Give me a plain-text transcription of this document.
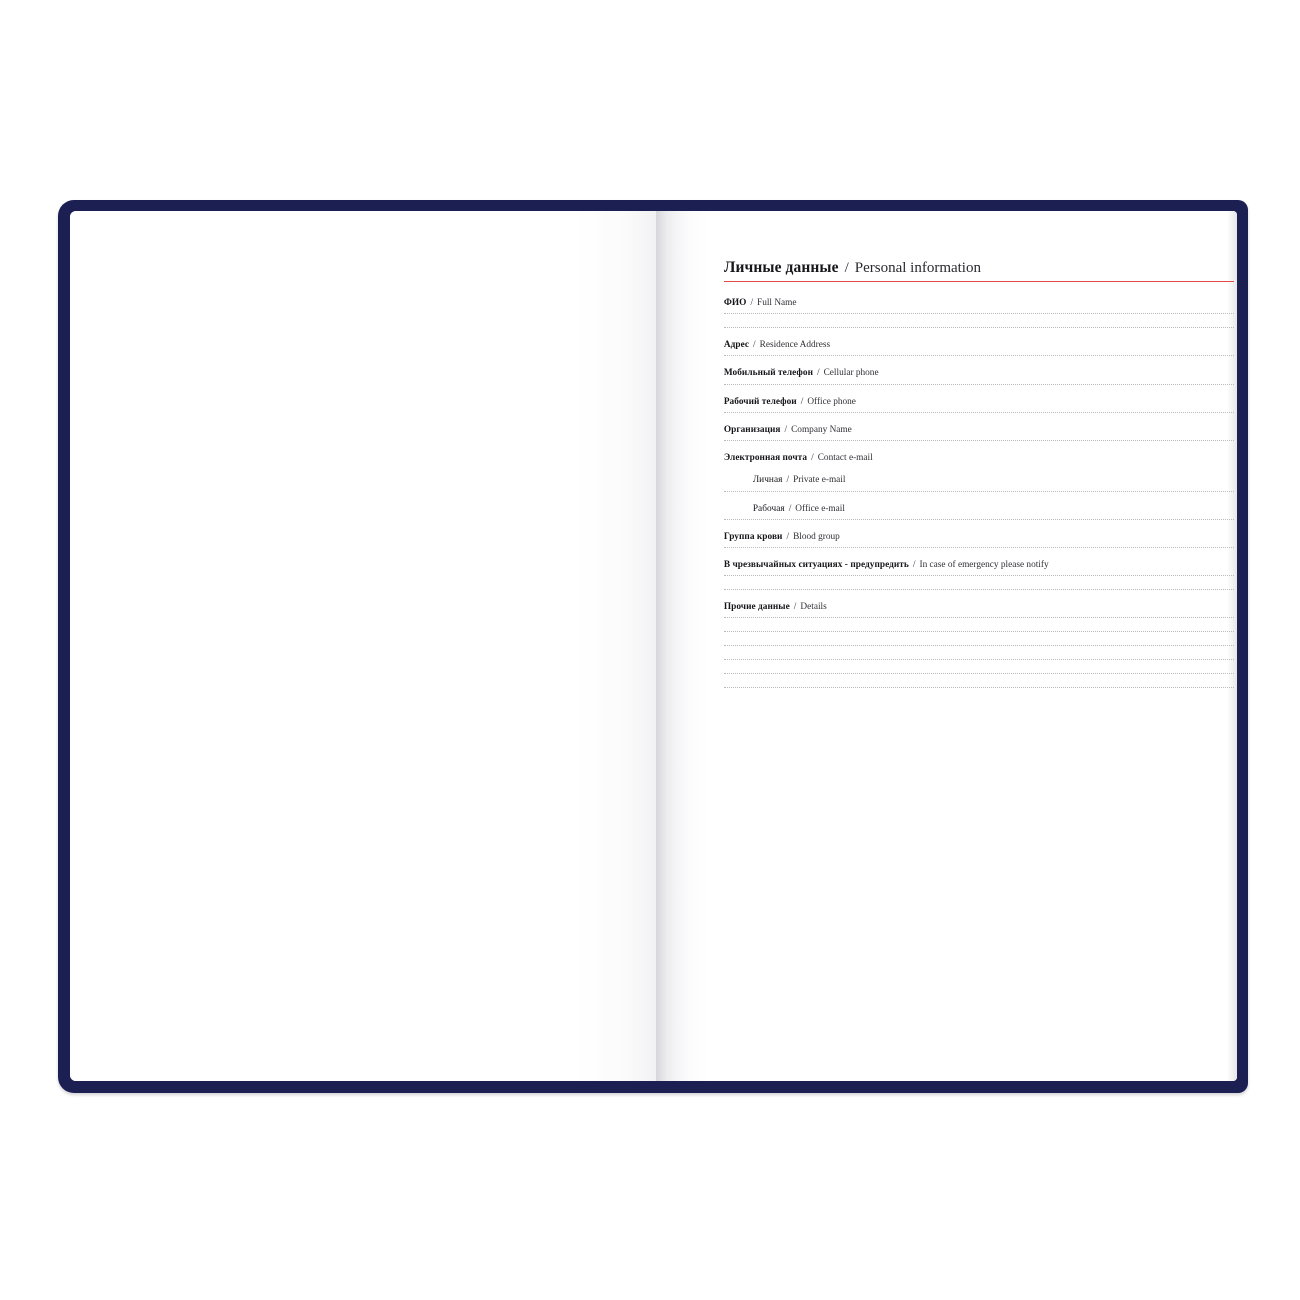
Личные данные / Personal information
ФИО / Full Name
Адрес / Residence Address
Мобильный телефон / Cellular phone
Рабочий телефои / Office phone
Организация / Company Name
Электронная почта / Contact e-mail
Личная / Private e-mail
Рабочая / Office e-mail
Группа крови / Blood group
В чрезвычайных ситуациях - предупредить / In case of emergency please notify
Прочие данные / Details
